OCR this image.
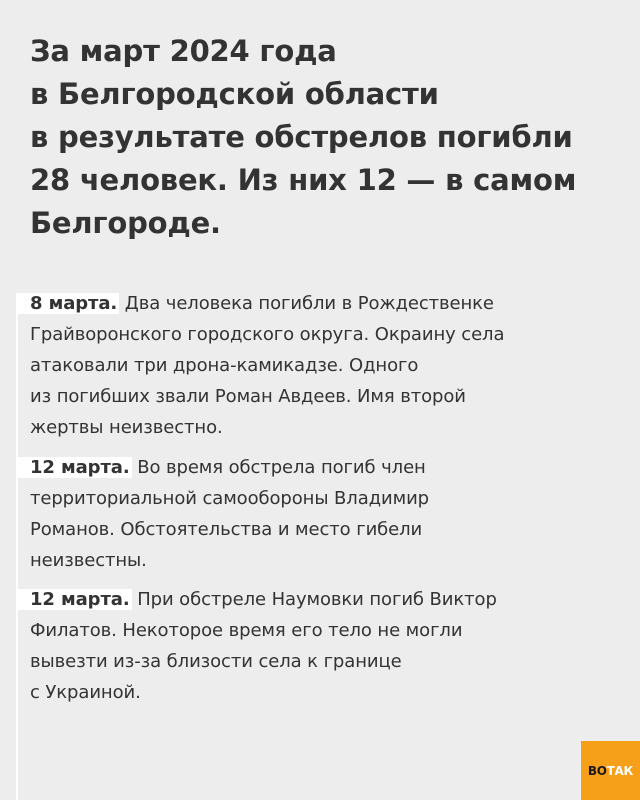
За март 2024 года
в Белгородской области
в результате обстрелов погибли
28 человек. Из них 12 — в самом
Белгороде.

8 марта. Два человека погибли в Рождественке
Грайворонского городского округа. Окраину села
атаковали три дрона-камикадзе. Одного
из погибших звали Роман Авдеев. Имя второй
жертвы неизвестно.

12 марта. Во время обстрела погиб член
территориальной самообороны Владимир
Романов. Обстоятельства и место гибели
неизвестны.

12 марта. При обстреле Наумовки погиб Виктор
Филатов. Некоторое время его тело не могли
вывезти из-за близости села к границе
с Украиной.

ВОТАК
